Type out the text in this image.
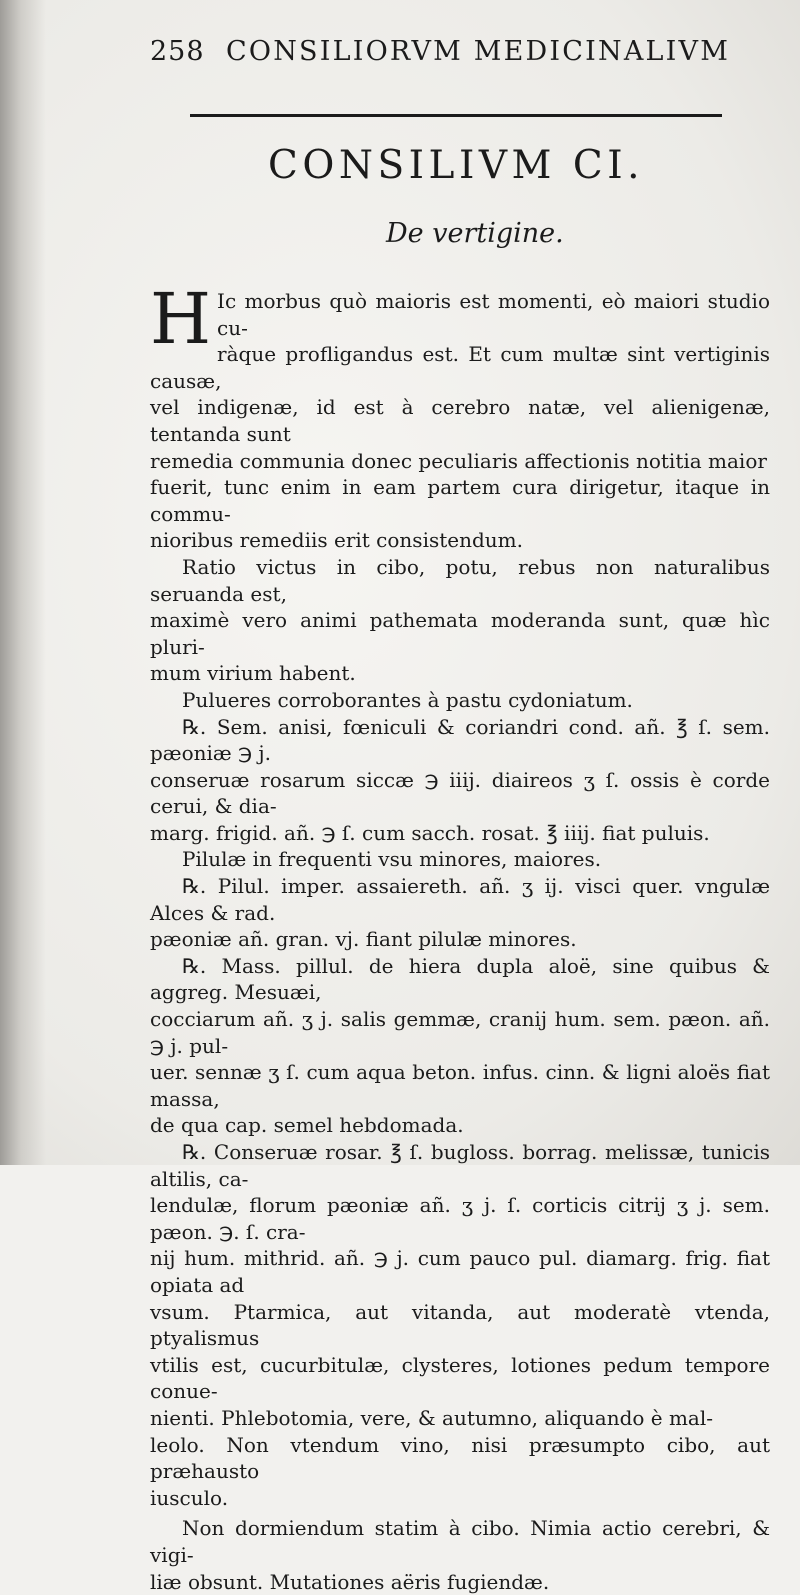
258 CONSILIORVM MEDICINALIVM
CONSILIVM CI.
De vertigine.

H Ic morbus quò maioris est momenti, eò maiori studio cu-
ràque profligandus est. Et cum multæ sint vertiginis causæ,
vel indigenæ, id est à cerebro natæ, vel alienigenæ, tentanda sunt
remedia communia donec peculiaris affectionis notitia maior
fuerit, tunc enim in eam partem cura dirigetur, itaque in commu-
nioribus remediis erit consistendum.

Ratio victus in cibo, potu, rebus non naturalibus seruanda est,
maximè vero animi pathemata moderanda sunt, quæ hìc pluri-
mum virium habent.

Pulueres corroborantes à pastu cydoniatum.

℞. Sem. anisi, fœniculi & coriandri cond. añ. ℥ ſ. sem. pæoniæ ℈ j.
conseruæ rosarum siccæ ℈ iiij. diaireos ʒ ſ. ossis è corde cerui, & dia-
marg. frigid. añ. ℈ ſ. cum sacch. rosat. ℥ iiij. fiat puluis.

Pilulæ in frequenti vsu minores, maiores.

℞. Pilul. imper. assaiereth. añ. ʒ ij. visci quer. vngulæ Alces & rad.
pæoniæ añ. gran. vj. fiant pilulæ minores.

℞. Mass. pillul. de hiera dupla aloë, sine quibus & aggreg. Mesuæi,
cocciarum añ. ʒ j. salis gemmæ, cranij hum. sem. pæon. añ. ℈ j. pul-
uer. sennæ ʒ ſ. cum aqua beton. infus. cinn. & ligni aloës fiat massa,
de qua cap. semel hebdomada.

℞. Conseruæ rosar. ℥ ſ. bugloss. borrag. melissæ, tunicis altilis, ca-
lendulæ, florum pæoniæ añ. ʒ j. ſ. corticis citrij ʒ j. sem. pæon. ℈. ſ. cra-
nij hum. mithrid. añ. ℈ j. cum pauco pul. diamarg. frig. fiat opiata ad
vsum. Ptarmica, aut vitanda, aut moderatè vtenda, ptyalismus
vtilis est, cucurbitulæ, clysteres, lotiones pedum tempore conue-
nienti. Phlebotomia, vere, & autumno, aliquando è mal-
leolo. Non vtendum vino, nisi præsumpto cibo, aut præhausto
iusculo.

Non dormiendum statim à cibo. Nimia actio cerebri, & vigi-
liæ obsunt. Mutationes aëris fugiendæ.
